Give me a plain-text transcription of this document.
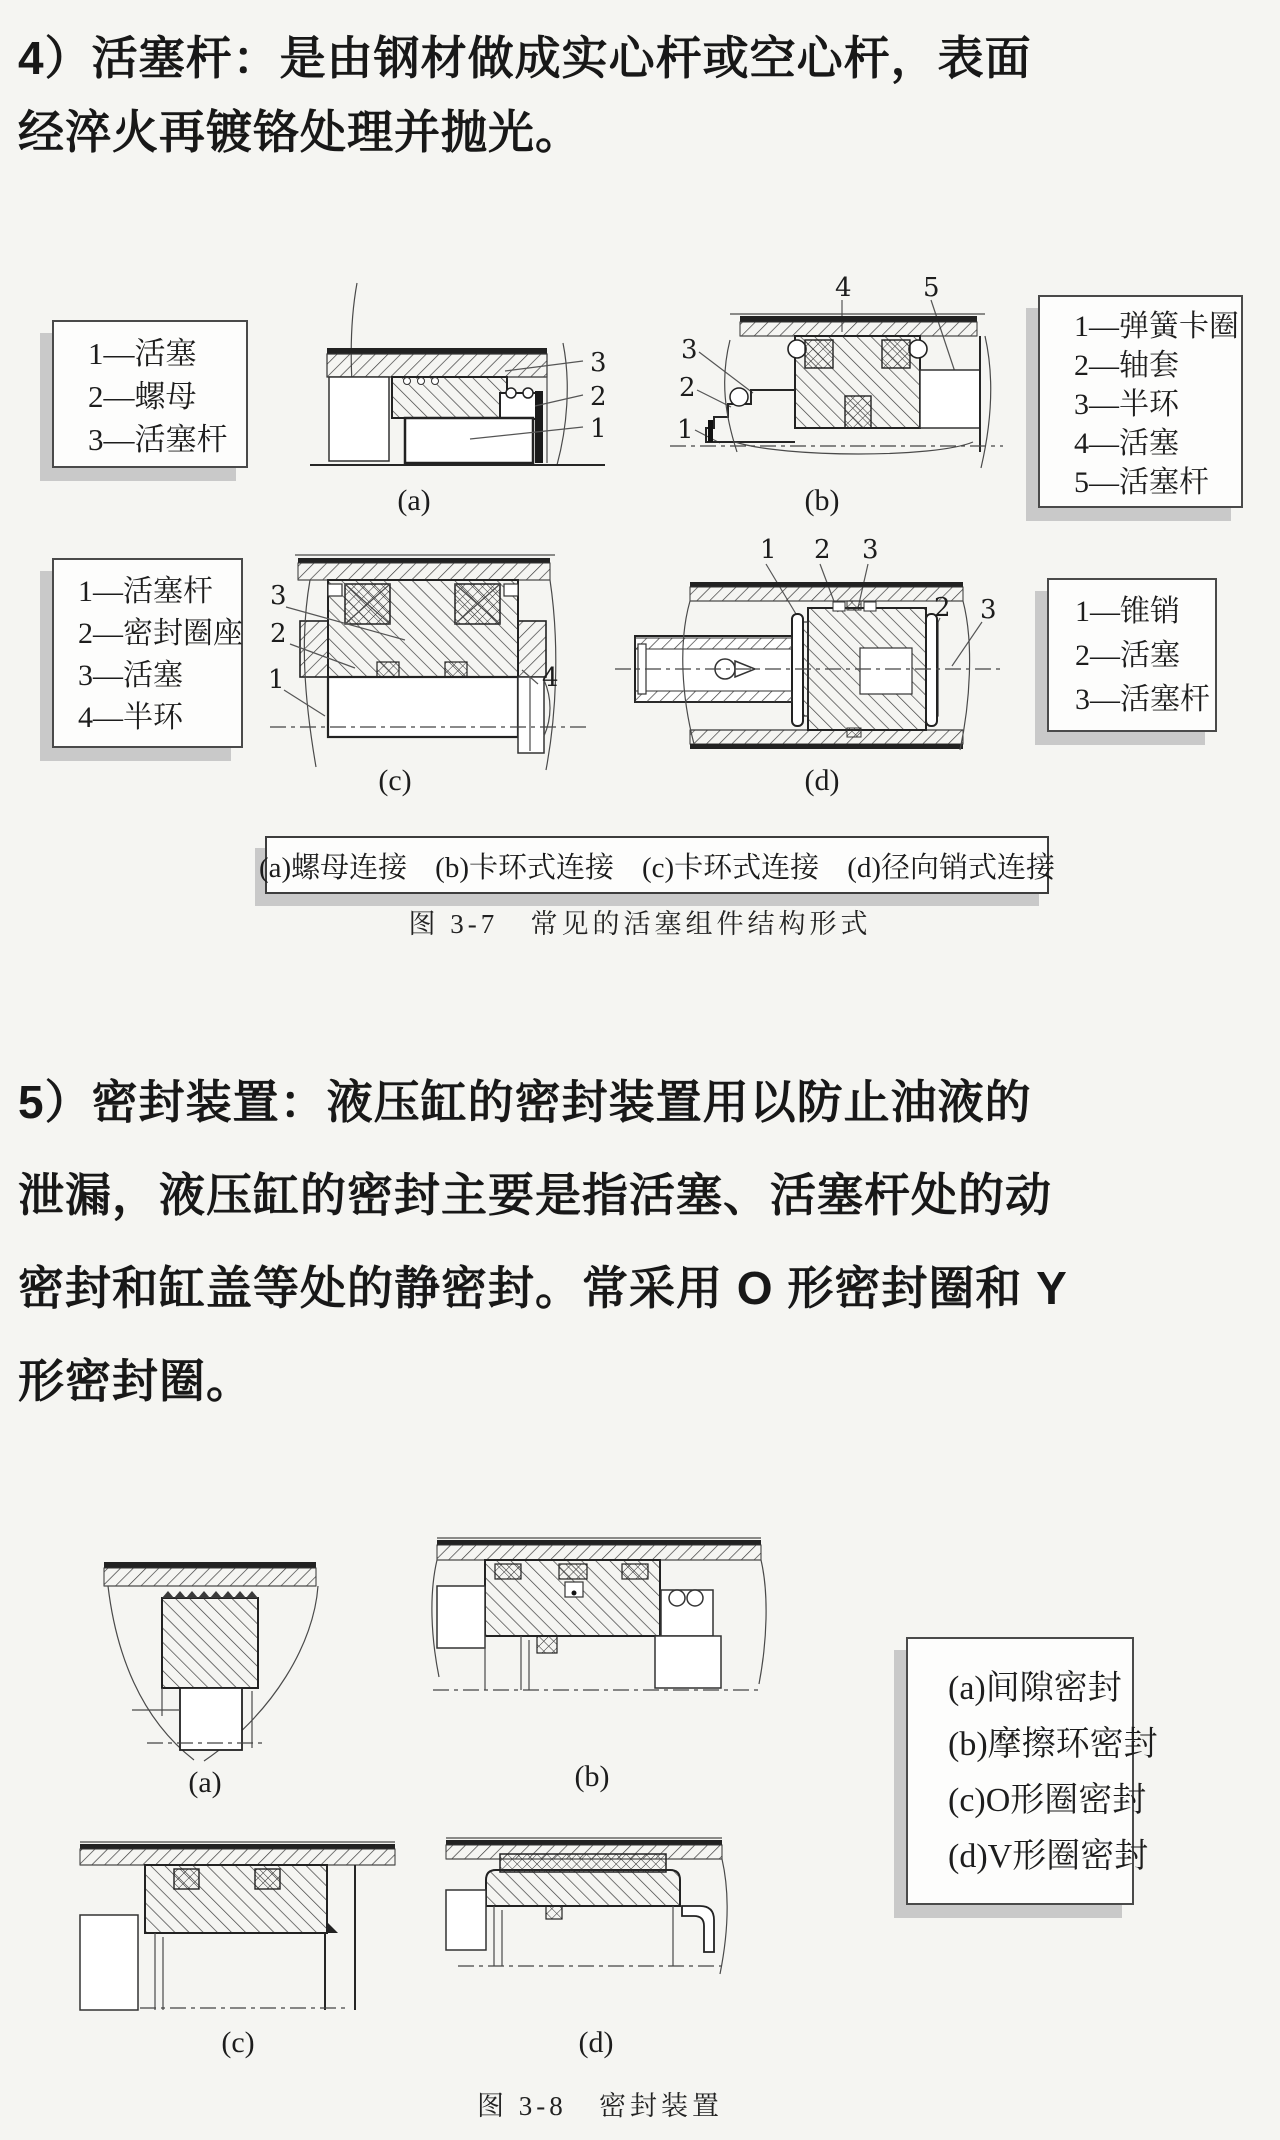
4）活塞杆：是由钢材做成实心杆或空心杆，表面
经淬火再镀铬处理并抛光。
1—活塞
2—螺母
3—活塞杆
1—弹簧卡圈
2—轴套
3—半环
4—活塞
5—活塞杆
1—活塞杆
2—密封圈座
3—活塞
4—半环
1—锥销
2—活塞
3—活塞杆
3
2
1
(a)
4	5
3
2
1
(b)
3
2
1	4
(c)
1 2 3
2 3
(d)
(a)螺母连接 (b)卡环式连接 (c)卡环式连接 (d)径向销式连接
图 3-7 常见的活塞组件结构形式
5）密封装置：液压缸的密封装置用以防止油液的
泄漏，液压缸的密封主要是指活塞、活塞杆处的动
密封和缸盖等处的静密封。常采用 O 形密封圈和 Y
形密封圈。
(a)	(b)
(c)	(d)
(a)间隙密封
(b)摩擦环密封
(c)O形圈密封
(d)V形圈密封
图 3-8 密封装置
